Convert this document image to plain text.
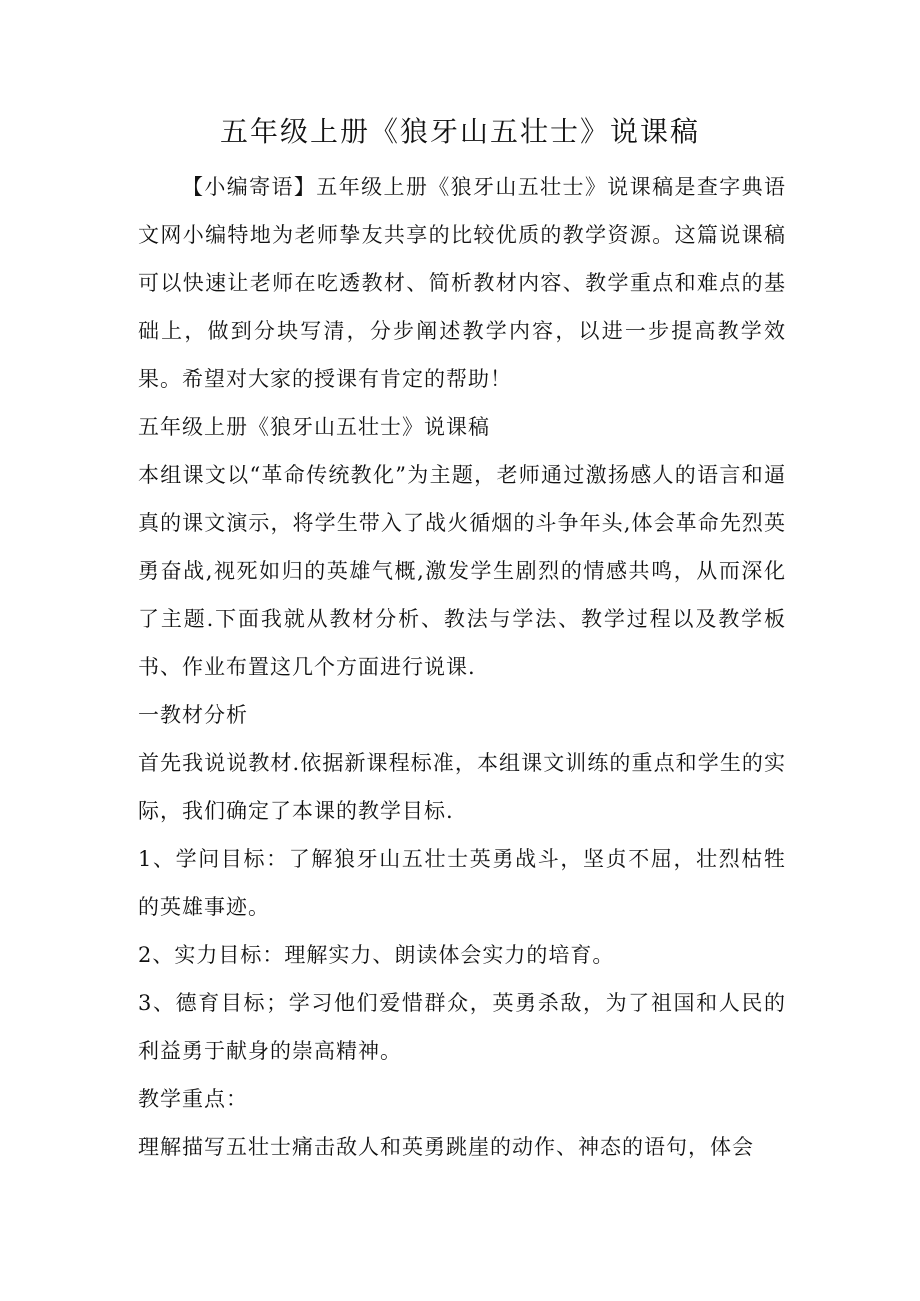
五年级上册《狼牙山五壮士》说课稿

【小编寄语】五年级上册《狼牙山五壮士》说课稿是查字典语文网小编特地为老师挚友共享的比较优质的教学资源。这篇说课稿可以快速让老师在吃透教材、简析教材内容、教学重点和难点的基础上，做到分块写清，分步阐述教学内容，以进一步提高教学效果。希望对大家的授课有肯定的帮助！

五年级上册《狼牙山五壮士》说课稿

本组课文以“革命传统教化”为主题，老师通过激扬感人的语言和逼真的课文演示，将学生带入了战火循烟的斗争年头,体会革命先烈英勇奋战,视死如归的英雄气概,激发学生剧烈的情感共鸣，从而深化了主题.下面我就从教材分析、教法与学法、教学过程以及教学板书、作业布置这几个方面进行说课.

一教材分析

首先我说说教材.依据新课程标准，本组课文训练的重点和学生的实际，我们确定了本课的教学目标.

1、学问目标：了解狼牙山五壮士英勇战斗，坚贞不屈，壮烈枯牲的英雄事迹。

2、实力目标：理解实力、朗读体会实力的培育。

3、德育目标；学习他们爱惜群众，英勇杀敌，为了祖国和人民的利益勇于献身的崇高精神。

教学重点：

理解描写五壮士痛击敌人和英勇跳崖的动作、神态的语句，体会
